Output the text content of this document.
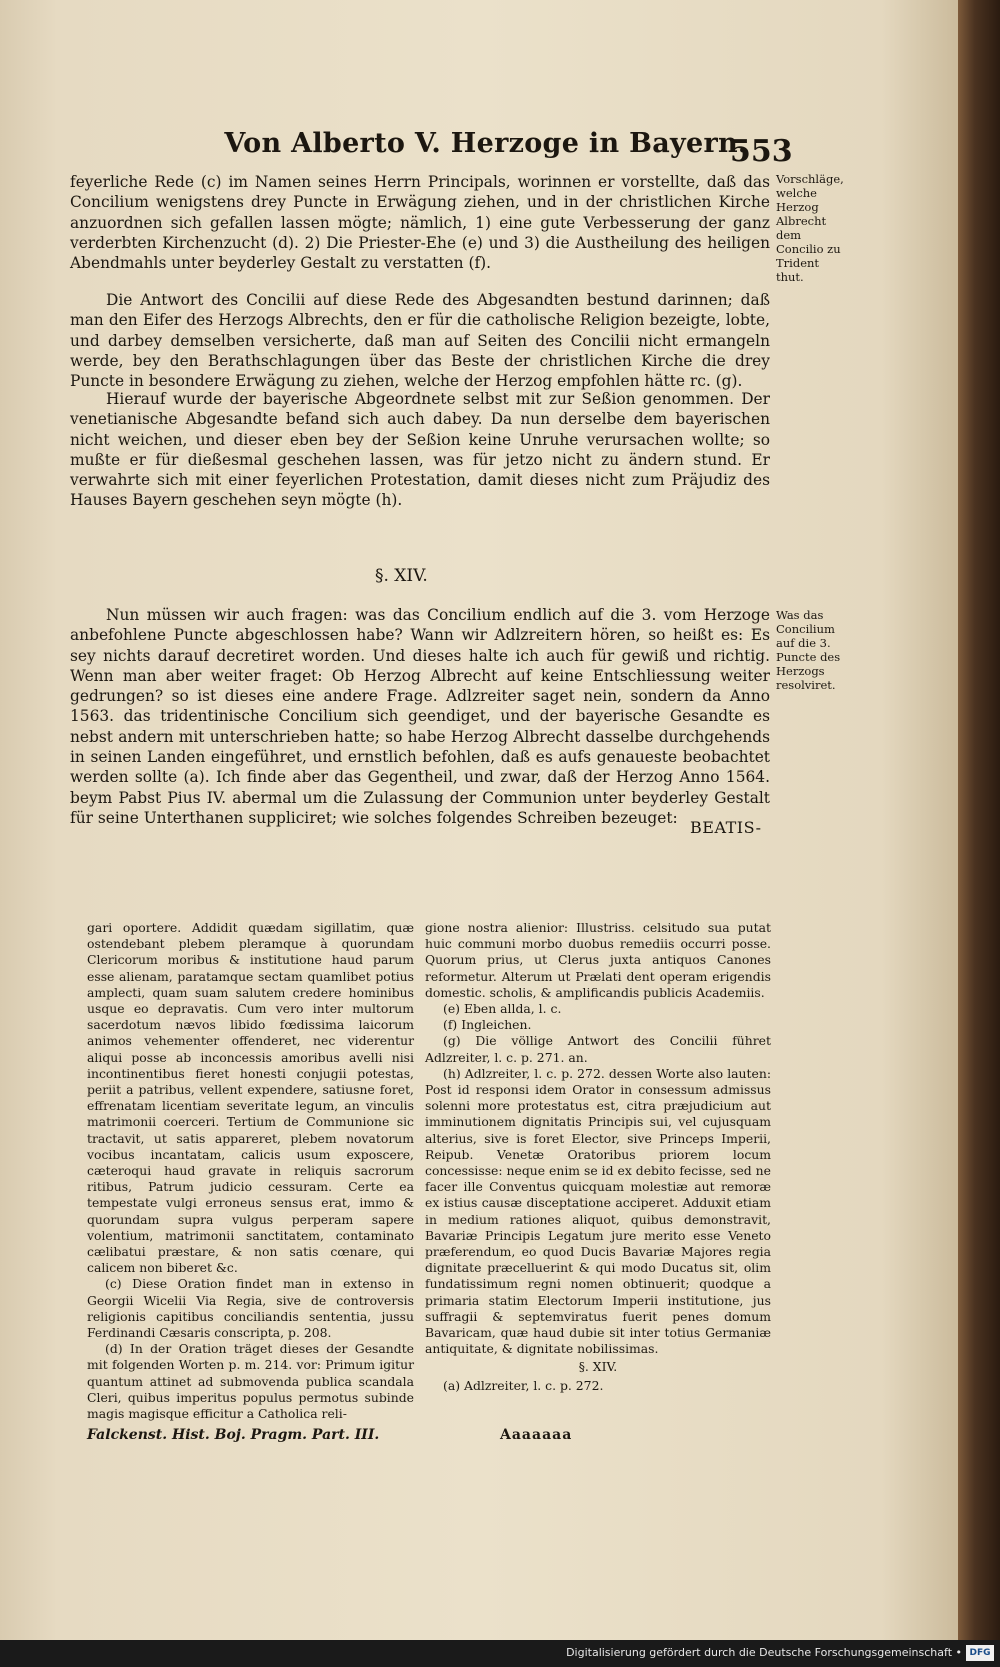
Von Alberto V. Herzoge in Bayern.
553

feyerliche Rede (c) im Namen seines Herrn Principals, worinnen er vorstellte, daß das Concilium wenigstens drey Puncte in Erwägung ziehen, und in der christlichen Kirche anzuordnen sich gefallen lassen mögte; nämlich, 1) eine gute Verbesserung der ganz verderbten Kirchenzucht (d). 2) Die Priester-Ehe (e) und 3) die Austheilung des heiligen Abendmahls unter beyderley Gestalt zu verstatten (f).

Vorschläge, welche Herzog Albrecht dem Concilio zu Trident thut.

Die Antwort des Concilii auf diese Rede des Abgesandten bestund darinnen; daß man den Eifer des Herzogs Albrechts, den er für die catholische Religion bezeigte, lobte, und darbey demselben versicherte, daß man auf Seiten des Concilii nicht ermangeln werde, bey den Berathschlagungen über das Beste der christlichen Kirche die drey Puncte in besondere Erwägung zu ziehen, welche der Herzog empfohlen hätte rc. (g).

Hierauf wurde der bayerische Abgeordnete selbst mit zur Seßion genommen. Der venetianische Abgesandte befand sich auch dabey. Da nun derselbe dem bayerischen nicht weichen, und dieser eben bey der Seßion keine Unruhe verursachen wollte; so mußte er für dießesmal geschehen lassen, was für jetzo nicht zu ändern stund. Er verwahrte sich mit einer feyerlichen Protestation, damit dieses nicht zum Präjudiz des Hauses Bayern geschehen seyn mögte (h).

§. XIV.

Nun müssen wir auch fragen: was das Concilium endlich auf die 3. vom Herzoge anbefohlene Puncte abgeschlossen habe? Wann wir Adlzreitern hören, so heißt es: Es sey nichts darauf decretiret worden. Und dieses halte ich auch für gewiß und richtig. Wenn man aber weiter fraget: Ob Herzog Albrecht auf keine Entschliessung weiter gedrungen? so ist dieses eine andere Frage. Adlzreiter saget nein, sondern da Anno 1563. das tridentinische Concilium sich geendiget, und der bayerische Gesandte es nebst andern mit unterschrieben hatte; so habe Herzog Albrecht dasselbe durchgehends in seinen Landen eingeführet, und ernstlich befohlen, daß es aufs genaueste beobachtet werden sollte (a). Ich finde aber das Gegentheil, und zwar, daß der Herzog Anno 1564. beym Pabst Pius IV. abermal um die Zulassung der Communion unter beyderley Gestalt für seine Unterthanen suppliciret; wie solches folgendes Schreiben bezeuget:

Was das Concilium auf die 3. Puncte des Herzogs resolviret.
BEATIS-

gari oportere. Addidit quædam sigillatim, quæ ostendebant plebem pleramque à quorundam Clericorum moribus & institutione haud parum esse alienam, paratamque sectam quamlibet potius amplecti, quam suam salutem credere hominibus usque eo depravatis. Cum vero inter multorum sacerdotum nævos libido fœdissima laicorum animos vehementer offenderet, nec viderentur aliqui posse ab inconcessis amoribus avelli nisi incontinentibus fieret honesti conjugii potestas, periit a patribus, vellent expendere, satiusne foret, effrenatam licentiam severitate legum, an vinculis matrimonii coerceri. Tertium de Communione sic tractavit, ut satis appareret, plebem novatorum vocibus incantatam, calicis usum exposcere, cæteroqui haud gravate in reliquis sacrorum ritibus, Patrum judicio cessuram. Certe ea tempestate vulgi erroneus sensus erat, immo & quorundam supra vulgus perperam sapere volentium, matrimonii sanctitatem, contaminato cælibatui præstare, & non satis cœnare, qui calicem non biberet &c.

(c) Diese Oration findet man in extenso in Georgii Wicelii Via Regia, sive de controversis religionis capitibus conciliandis sententia, jussu Ferdinandi Cæsaris conscripta, p. 208.

(d) In der Oration träget dieses der Gesandte mit folgenden Worten p. m. 214. vor: Primum igitur quantum attinet ad submovenda publica scandala Cleri, quibus imperitus populus permotus subinde magis magisque efficitur a Catholica reli-

gione nostra alienior: Illustriss. celsitudo sua putat huic communi morbo duobus remediis occurri posse. Quorum prius, ut Clerus juxta antiquos Canones reformetur. Alterum ut Prælati dent operam erigendis domestic. scholis, & amplificandis publicis Academiis.

(e) Eben allda, l. c.

(f) Ingleichen.

(g) Die völlige Antwort des Concilii führet Adlzreiter, l. c. p. 271. an.

(h) Adlzreiter, l. c. p. 272. dessen Worte also lauten: Post id responsi idem Orator in consessum admissus solenni more protestatus est, citra præjudicium aut imminutionem dignitatis Principis sui, vel cujusquam alterius, sive is foret Elector, sive Princeps Imperii, Reipub. Venetæ Oratoribus priorem locum concessisse: neque enim se id ex debito fecisse, sed ne facer ille Conventus quicquam molestiæ aut remoræ ex istius causæ disceptatione acciperet. Adduxit etiam in medium rationes aliquot, quibus demonstravit, Bavariæ Principis Legatum jure merito esse Veneto præferendum, eo quod Ducis Bavariæ Majores regia dignitate præcelluerint & qui modo Ducatus sit, olim fundatissimum regni nomen obtinuerit; quodque a primaria statim Electorum Imperii institutione, jus suffragii & septemviratus fuerit penes domum Bavaricam, quæ haud dubie sit inter totius Germaniæ antiquitate, & dignitate nobilissimas.

§. XIV.

(a) Adlzreiter, l. c. p. 272.

Falckenst. Hist. Boj. Pragm. Part. III.	Aaaaaaa
Digitalisierung gefördert durch die Deutsche Forschungsgemeinschaft • DFG
